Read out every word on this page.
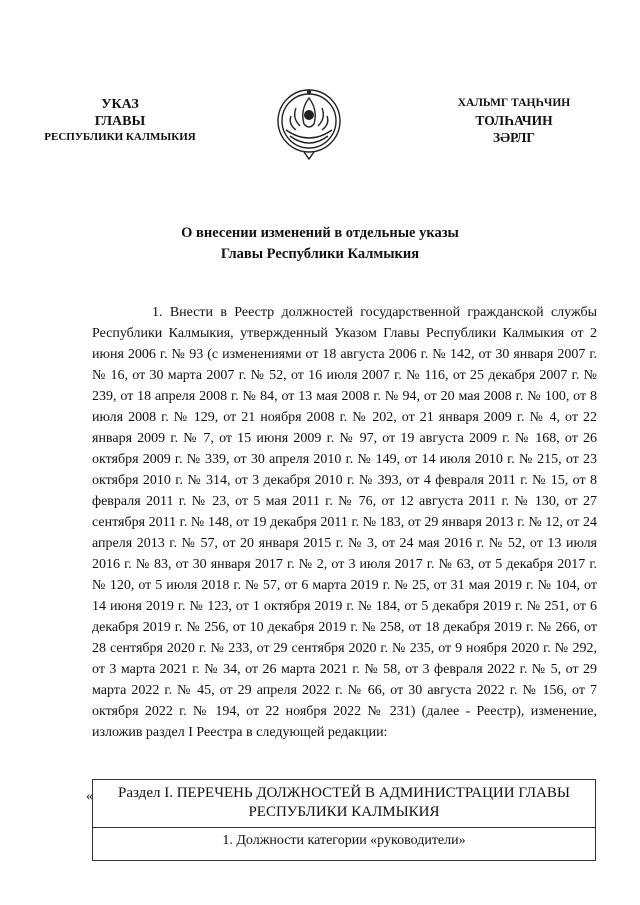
УКАЗ
ГЛАВЫ
РЕСПУБЛИКИ КАЛМЫКИЯ
ХАЛЬМГ ТАҢҺЧИН
ТОЛҺАЧИН
ЗӘРЛГ
О внесении изменений в отдельные указы
Главы Республики Калмыкия

1. Внести в Реестр должностей государственной гражданской службы Республики Калмыкия, утвержденный Указом Главы Республики Калмыкия от 2 июня 2006 г. № 93 (с изменениями от 18 августа 2006 г. № 142, от 30 января 2007 г. № 16, от 30 марта 2007 г. № 52, от 16 июля 2007 г. № 116, от 25 декабря 2007 г. № 239, от 18 апреля 2008 г. № 84, от 13 мая 2008 г. № 94, от 20 мая 2008 г. № 100, от 8 июля 2008 г. № 129, от 21 ноября 2008 г. № 202, от 21 января 2009 г. № 4, от 22 января 2009 г. № 7, от 15 июня 2009 г. № 97, от 19 августа 2009 г. № 168, от 26 октября 2009 г. № 339, от 30 апреля 2010 г. № 149, от 14 июля 2010 г. № 215, от 23 октября 2010 г. № 314, от 3 декабря 2010 г. № 393, от 4 февраля 2011 г. № 15, от 8 февраля 2011 г. № 23, от 5 мая 2011 г. № 76, от 12 августа 2011 г. № 130, от 27 сентября 2011 г. № 148, от 19 декабря 2011 г. № 183, от 29 января 2013 г. № 12, от 24 апреля 2013 г. № 57, от 20 января 2015 г. № 3, от 24 мая 2016 г. № 52, от 13 июля 2016 г. № 83, от 30 января 2017 г. № 2, от 3 июля 2017 г. № 63, от 5 декабря 2017 г. № 120, от 5 июля 2018 г. № 57, от 6 марта 2019 г. № 25, от 31 мая 2019 г. № 104, от 14 июня 2019 г. № 123, от 1 октября 2019 г. № 184, от 5 декабря 2019 г. № 251, от 6 декабря 2019 г. № 256, от 10 декабря 2019 г. № 258, от 18 декабря 2019 г. № 266, от 28 сентября 2020 г. № 233, от 29 сентября 2020 г. № 235, от 9 ноября 2020 г. № 292, от 3 марта 2021 г. № 34, от 26 марта 2021 г. № 58, от 3 февраля 2022 г. № 5, от 29 марта 2022 г. № 45, от 29 апреля 2022 г. № 66, от 30 августа 2022 г. № 156, от 7 октября 2022 г. № 194, от 22 ноября 2022 № 231) (далее - Реестр), изменение, изложив раздел I Реестра в следующей редакции:

«	Раздел I. ПЕРЕЧЕНЬ ДОЛЖНОСТЕЙ В АДМИНИСТРАЦИИ ГЛАВЫ РЕСПУБЛИКИ КАЛМЫКИЯ
1. Должности категории «руководители»
